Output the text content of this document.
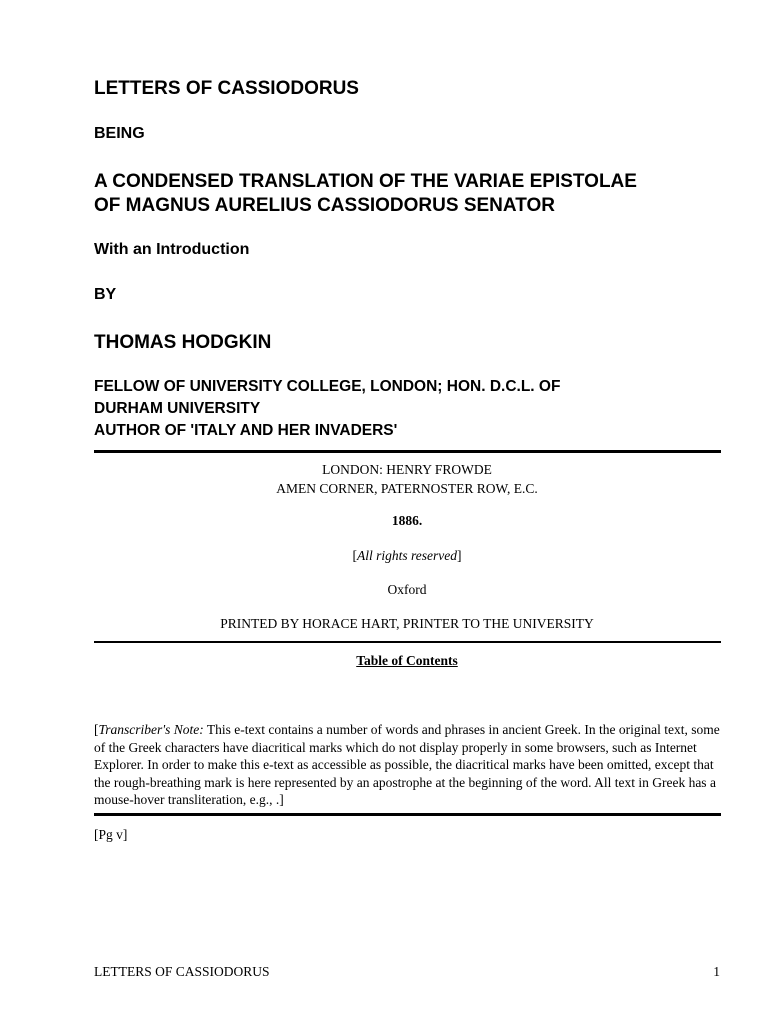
LETTERS OF CASSIODORUS
BEING
A CONDENSED TRANSLATION OF THE VARIAE EPISTOLAE
OF MAGNUS AURELIUS CASSIODORUS SENATOR
With an Introduction
BY
THOMAS HODGKIN
FELLOW OF UNIVERSITY COLLEGE, LONDON; HON. D.C.L. OF
DURHAM UNIVERSITY
AUTHOR OF 'ITALY AND HER INVADERS'
LONDON: HENRY FROWDE
AMEN CORNER, PATERNOSTER ROW, E.C.
1886.
[All rights reserved]
Oxford
PRINTED BY HORACE HART, PRINTER TO THE UNIVERSITY
Table of Contents

[Transcriber's Note: This e-text contains a number of words and phrases in ancient Greek. In the original text, some of the Greek characters have diacritical marks which do not display properly in some browsers, such as Internet Explorer. In order to make this e-text as accessible as possible, the diacritical marks have been omitted, except that the rough-breathing mark is here represented by an apostrophe at the beginning of the word. All text in Greek has a mouse-hover transliteration, e.g., .]

[Pg v]
LETTERS OF CASSIODORUS	1
